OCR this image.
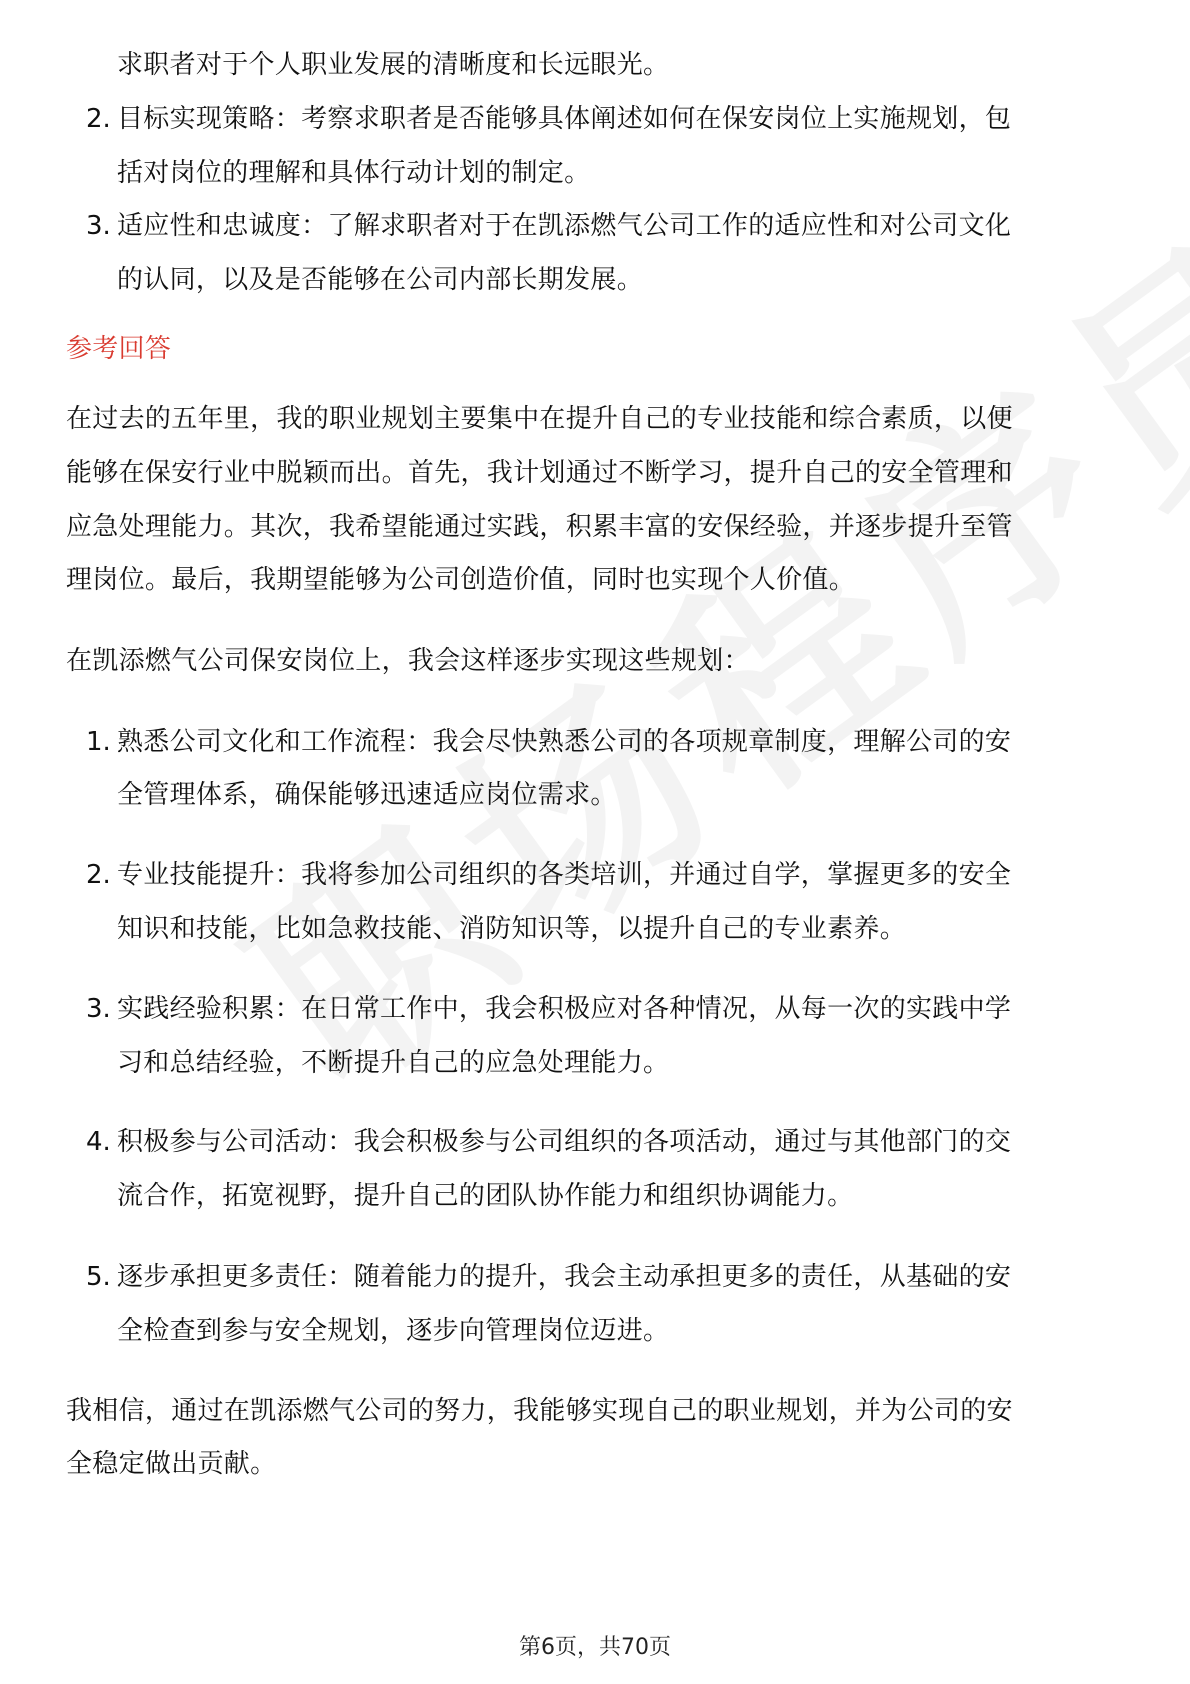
求职者对于个人职业发展的清晰度和长远眼光。
2. 目标实现策略：考察求职者是否能够具体阐述如何在保安岗位上实施规划，包
括对岗位的理解和具体行动计划的制定。
3. 适应性和忠诚度：了解求职者对于在凯添燃气公司工作的适应性和对公司文化
的认同，以及是否能够在公司内部长期发展。
参考回答
在过去的五年里，我的职业规划主要集中在提升自己的专业技能和综合素质，以便
能够在保安行业中脱颖而出。首先，我计划通过不断学习，提升自己的安全管理和
应急处理能力。其次，我希望能通过实践，积累丰富的安保经验，并逐步提升至管
理岗位。最后，我期望能够为公司创造价值，同时也实现个人价值。
在凯添燃气公司保安岗位上，我会这样逐步实现这些规划：
1. 熟悉公司文化和工作流程：我会尽快熟悉公司的各项规章制度，理解公司的安
全管理体系，确保能够迅速适应岗位需求。
2. 专业技能提升：我将参加公司组织的各类培训，并通过自学，掌握更多的安全
知识和技能，比如急救技能、消防知识等，以提升自己的专业素养。
3. 实践经验积累：在日常工作中，我会积极应对各种情况，从每一次的实践中学
习和总结经验，不断提升自己的应急处理能力。
4. 积极参与公司活动：我会积极参与公司组织的各项活动，通过与其他部门的交
流合作，拓宽视野，提升自己的团队协作能力和组织协调能力。
5. 逐步承担更多责任：随着能力的提升，我会主动承担更多的责任，从基础的安
全检查到参与安全规划，逐步向管理岗位迈进。
我相信，通过在凯添燃气公司的努力，我能够实现自己的职业规划，并为公司的安
全稳定做出贡献。
第6页，共70页
